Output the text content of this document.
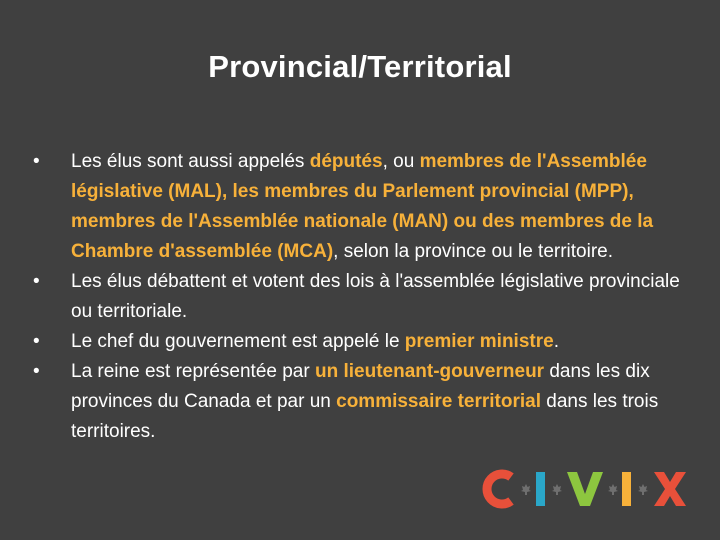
Provincial/Territorial
•	Les élus sont aussi appelés députés, ou membres de l'Assemblée législative (MAL), les membres du Parlement provincial (MPP), membres de l'Assemblée nationale (MAN) ou des membres de la Chambre d'assemblée (MCA), selon la province ou le territoire.
•	Les élus débattent et votent des lois à l'assemblée législative provinciale ou territoriale.
•	Le chef du gouvernement est appelé le premier ministre.
•	La reine est représentée par un lieutenant-gouverneur dans les dix provinces du Canada et par un commissaire territorial dans les trois territoires.
